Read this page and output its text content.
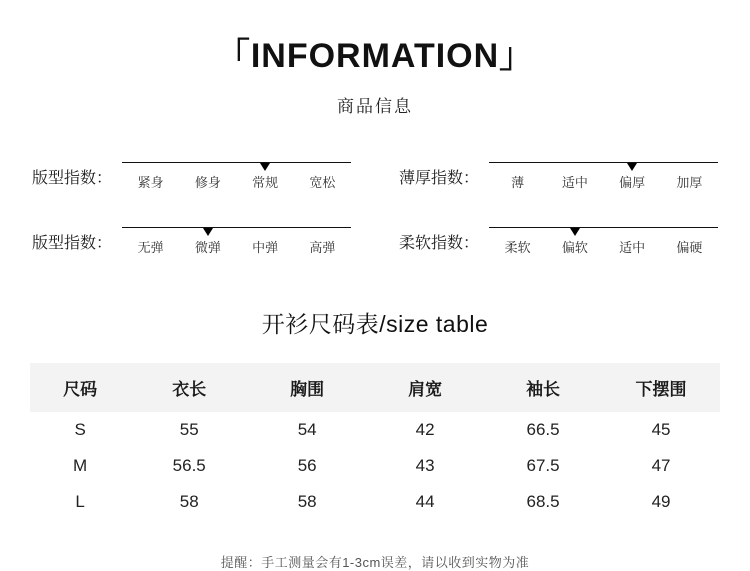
「INFORMATION」
商品信息
版型指数：	紧身	修身	常规	宽松	薄厚指数：	薄	适中	偏厚	加厚
版型指数：	无弹	微弹	中弹	高弹	柔软指数：	柔软	偏软	适中	偏硬
开衫尺码表/size table
尺码	衣长	胸围	肩宽	袖长	下摆围
S	55	54	42	66.5	45
M	56.5	56	43	67.5	47
L	58	58	44	68.5	49
提醒：手工测量会有1-3cm误差，请以收到实物为准
